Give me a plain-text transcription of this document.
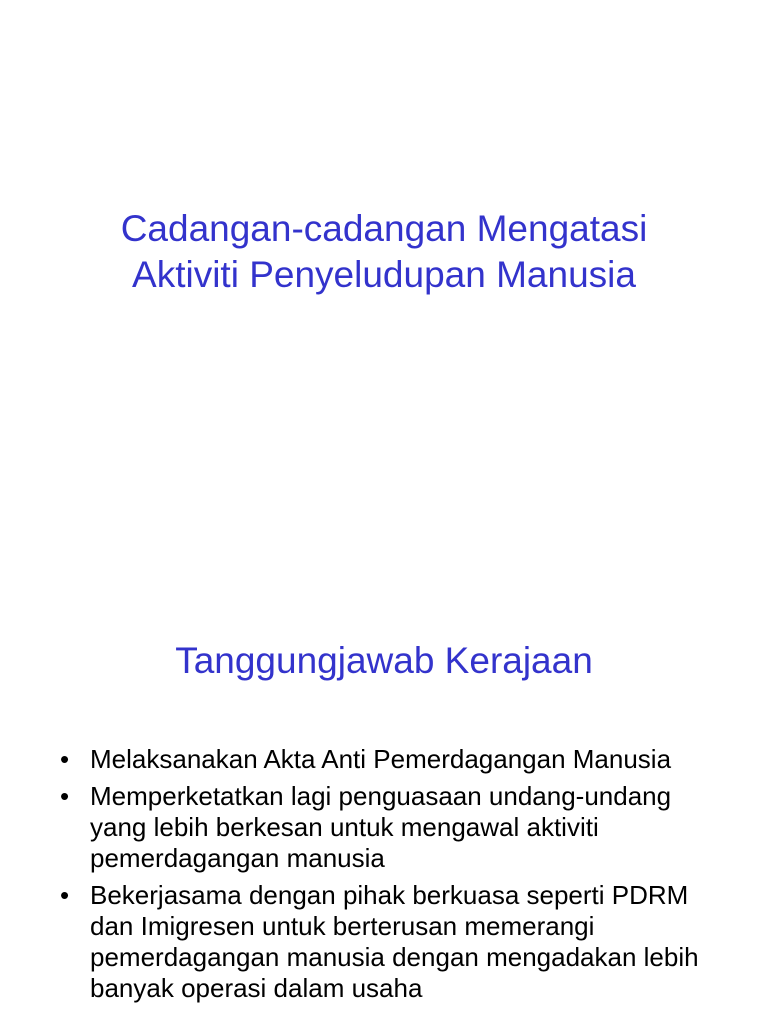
Cadangan-cadangan Mengatasi
Aktiviti Penyeludupan Manusia
Tanggungjawab Kerajaan
• Melaksanakan Akta Anti Pemerdagangan Manusia
• Memperketatkan lagi penguasaan undang-undang yang lebih berkesan untuk mengawal aktiviti pemerdagangan manusia
• Bekerjasama dengan pihak berkuasa seperti PDRM dan Imigresen untuk berterusan memerangi pemerdagangan manusia dengan mengadakan lebih banyak operasi dalam usaha
